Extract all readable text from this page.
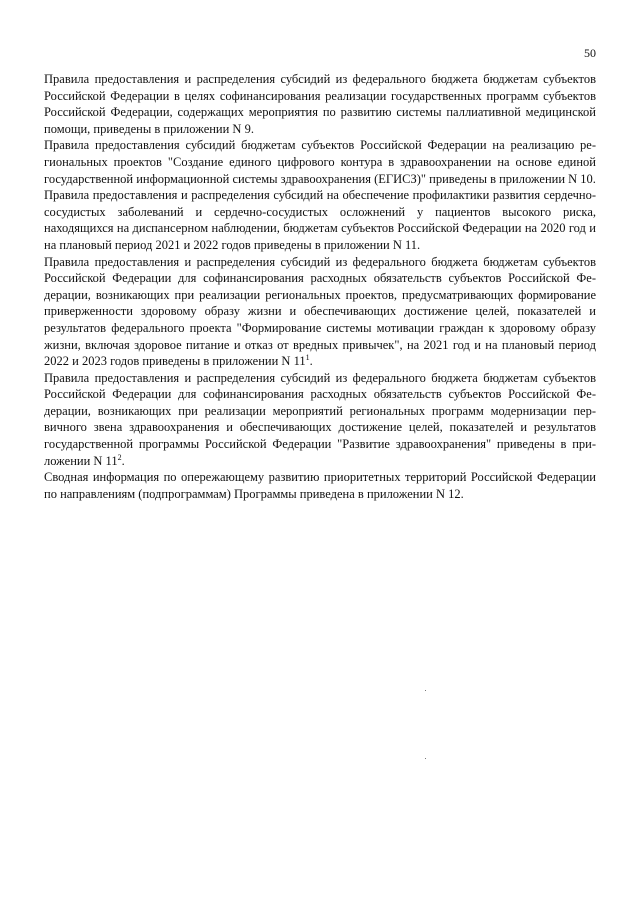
50

Правила предоставления и распределения субсидий из федерального бюджета бюджетам субъектов Российской Федерации в целях софинансирования реализации государственных программ субъектов Российской Федерации, содержащих мероприятия по развитию системы паллиативной медицинской помощи, приведены в приложении N 9.

Правила предоставления субсидий бюджетам субъектов Российской Федерации на реализацию региональных проектов "Создание единого цифрового контура в здравоохранении на основе единой государственной информационной системы здравоохранения (ЕГИСЗ)" приведены в приложении N 10.

Правила предоставления и распределения субсидий на обеспечение профилактики развития сердечно-сосудистых заболеваний и сердечно-сосудистых осложнений у пациентов высокого риска, находящихся на диспансерном наблюдении, бюджетам субъектов Российской Федерации на 2020 год и на плановый период 2021 и 2022 годов приведены в приложении N 11.

Правила предоставления и распределения субсидий из федерального бюджета бюджетам субъектов Российской Федерации для софинансирования расходных обязательств субъектов Российской Федерации, возникающих при реализации региональных проектов, предусматривающих формирование приверженности здоровому образу жизни и обеспечивающих достижение целей, показателей и результатов федерального проекта "Формирование системы мотивации граждан к здоровому образу жизни, включая здоровое питание и отказ от вредных привычек", на 2021 год и на плановый период 2022 и 2023 годов приведены в приложении N $11^1$.

Правила предоставления и распределения субсидий из федерального бюджета бюджетам субъектов Российской Федерации для софинансирования расходных обязательств субъектов Российской Федерации, возникающих при реализации мероприятий региональных программ модернизации первичного звена здравоохранения и обеспечивающих достижение целей, показателей и результатов государственной программы Российской Федерации "Развитие здравоохранения" приведены в приложении N $11^2$.

Сводная информация по опережающему развитию приоритетных территорий Российской Федерации по направлениям (подпрограммам) Программы приведена в приложении N 12.
